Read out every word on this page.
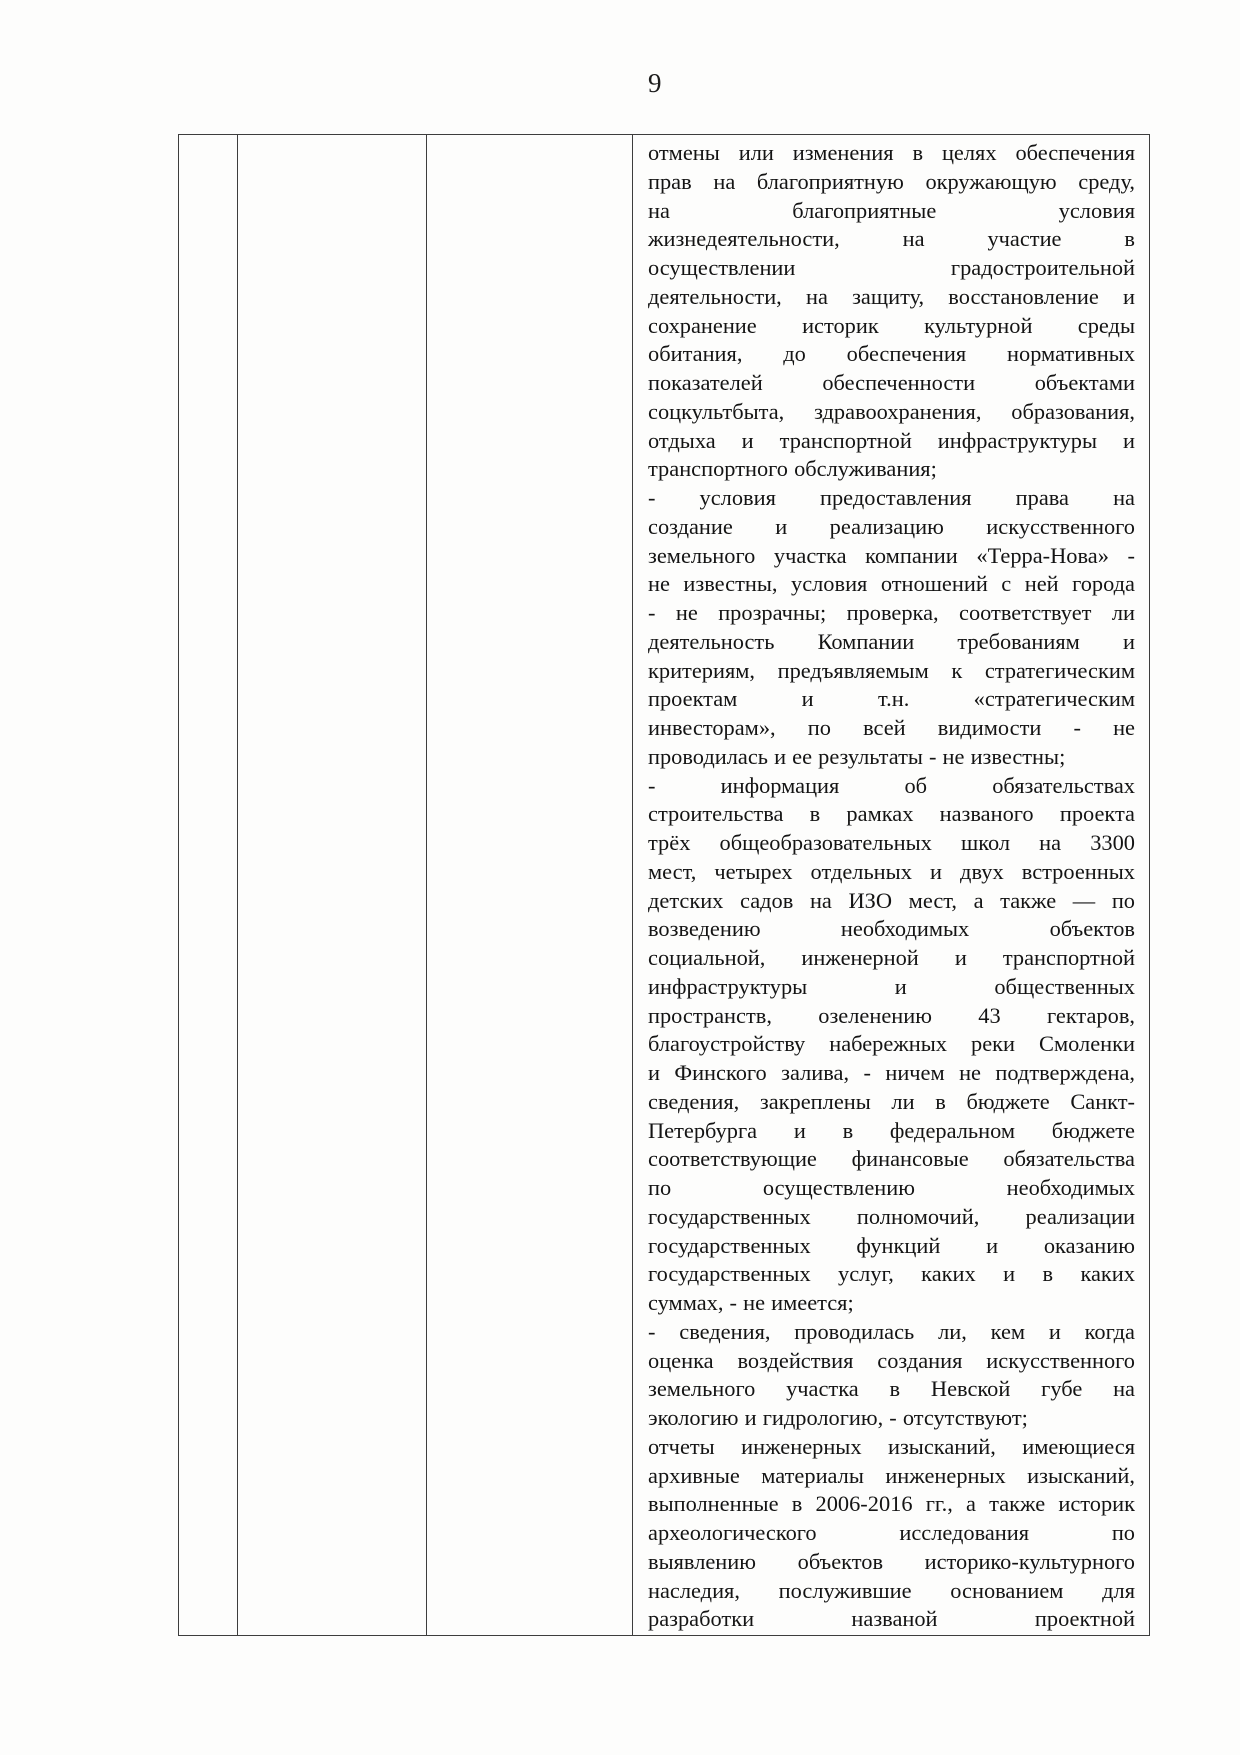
9
отмены или изменения в целях обеспечения
прав на благоприятную окружающую среду,
на благоприятные условия
жизнедеятельности, на участие в
осуществлении градостроительной
деятельности, на защиту, восстановление и
сохранение историк культурной среды
обитания, до обеспечения нормативных
показателей обеспеченности объектами
соцкультбыта, здравоохранения, образования,
отдыха и транспортной инфраструктуры и
транспортного обслуживания;
- условия предоставления права на
создание и реализацию искусственного
земельного участка компании «Терра-Нова» -
не известны, условия отношений с ней города
- не прозрачны; проверка, соответствует ли
деятельность Компании требованиям и
критериям, предъявляемым к стратегическим
проектам и т.н. «стратегическим
инвесторам», по всей видимости - не
проводилась и ее результаты - не известны;
- информация об обязательствах
строительства в рамках названого проекта
трёх общеобразовательных школ на 3300
мест, четырех отдельных и двух встроенных
детских садов на ИЗО мест, а также — по
возведению необходимых объектов
социальной, инженерной и транспортной
инфраструктуры и общественных
пространств, озеленению 43 гектаров,
благоустройству набережных реки Смоленки
и Финского залива, - ничем не подтверждена,
сведения, закреплены ли в бюджете Санкт-
Петербурга и в федеральном бюджете
соответствующие финансовые обязательства
по осуществлению необходимых
государственных полномочий, реализации
государственных функций и оказанию
государственных услуг, каких и в каких
суммах, - не имеется;
- сведения, проводилась ли, кем и когда
оценка воздействия создания искусственного
земельного участка в Невской губе на
экологию и гидрологию, - отсутствуют;
отчеты инженерных изысканий, имеющиеся
архивные материалы инженерных изысканий,
выполненные в 2006-2016 гг., а также историк
археологического исследования по
выявлению объектов историко-культурного
наследия, послужившие основанием для
разработки названой проектной
